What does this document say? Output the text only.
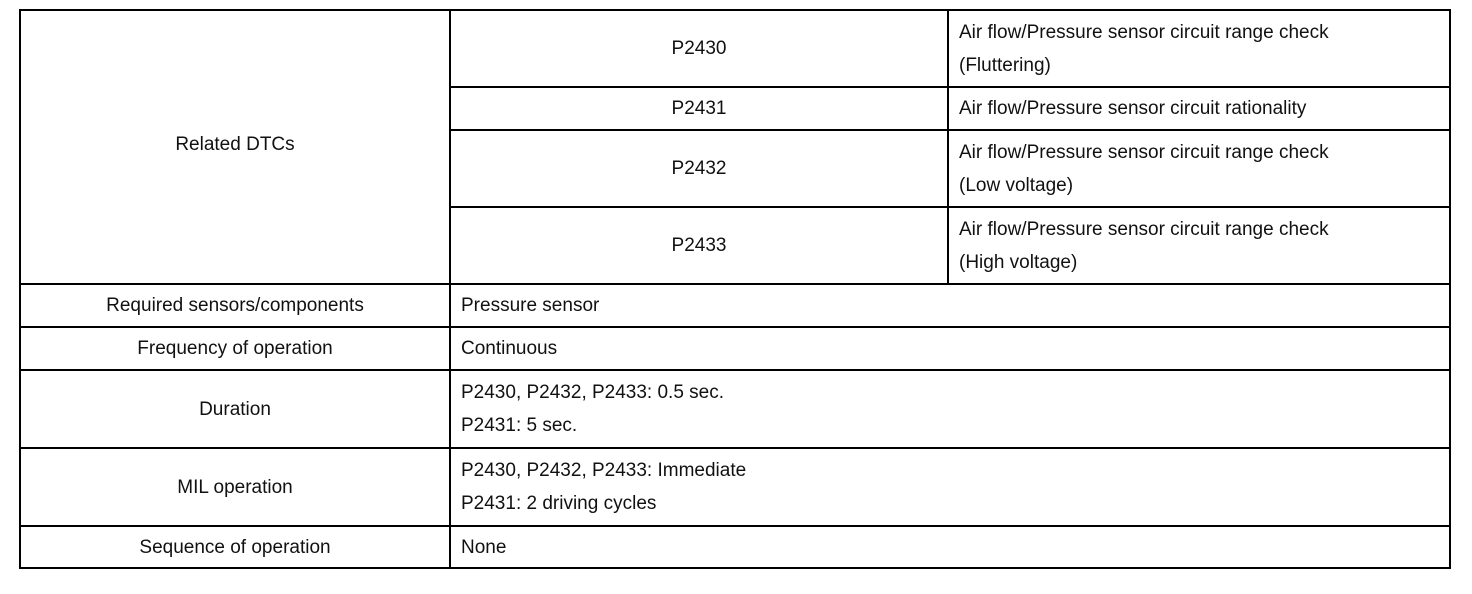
Related DTCs	P2430	Air flow/Pressure sensor circuit range check
(Fluttering)

	P2431	Air flow/Pressure sensor circuit rationality

	P2432	Air flow/Pressure sensor circuit range check
(Low voltage)

	P2433	Air flow/Pressure sensor circuit range check
(High voltage)

Required sensors/components	Pressure sensor	

Frequency of operation	Continuous	

Duration	P2430, P2432, P2433: 0.5 sec.
P2431: 5 sec.	

MIL operation	P2430, P2432, P2433: Immediate
P2431: 2 driving cycles	

Sequence of operation	None	
